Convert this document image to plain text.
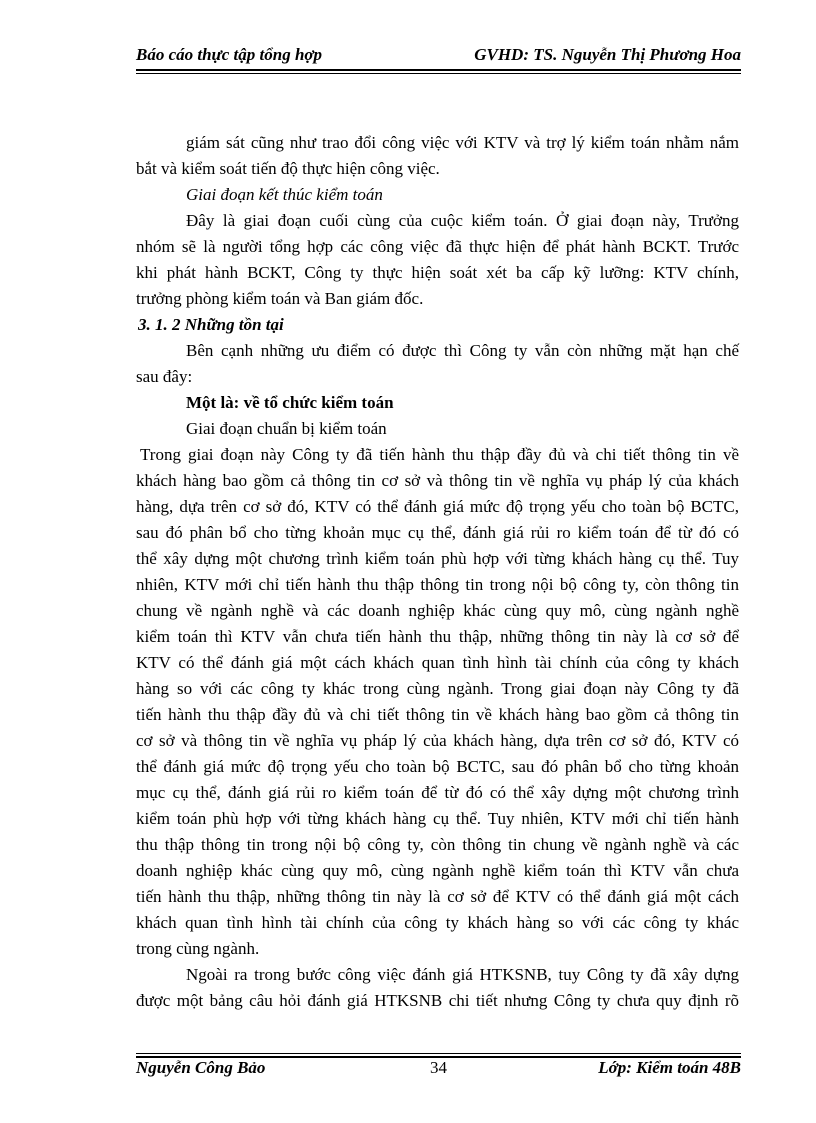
Báo cáo thực tập tổng hợp	GVHD: TS. Nguyễn Thị Phương Hoa

giám sát cũng như trao đổi công việc với KTV và trợ lý kiểm toán nhằm nắm

bắt và kiểm soát tiến độ thực hiện công việc.

Giai đoạn kết thúc kiểm toán

Đây là giai đoạn cuối cùng của cuộc kiểm toán. Ở giai đoạn này, Trưởng

nhóm sẽ là người tổng hợp các công việc đã thực hiện để phát hành BCKT. Trước

khi phát hành BCKT, Công ty thực hiện soát xét ba cấp kỹ lưỡng: KTV chính,

trưởng phòng kiểm toán và Ban giám đốc.

3. 1. 2 Những tồn tại

Bên cạnh những ưu điểm có được thì Công ty vẫn còn những mặt hạn chế

sau đây:

Một là: về tổ chức kiểm toán

Giai đoạn chuẩn bị kiểm toán

Trong giai đoạn này Công ty đã tiến hành thu thập đầy đủ và chi tiết thông tin về

khách hàng bao gồm cả thông tin cơ sở và thông tin về nghĩa vụ pháp lý của khách

hàng, dựa trên cơ sở đó, KTV có thể đánh giá mức độ trọng yếu cho toàn bộ BCTC,

sau đó phân bổ cho từng khoản mục cụ thể, đánh giá rủi ro kiểm toán để từ đó có

thể xây dựng một chương trình kiểm toán phù hợp với từng khách hàng cụ thể. Tuy

nhiên, KTV mới chỉ tiến hành thu thập thông tin trong nội bộ công ty, còn thông tin

chung về ngành nghề và các doanh nghiệp khác cùng quy mô, cùng ngành nghề

kiểm toán thì KTV vẫn chưa tiến hành thu thập, những thông tin này là cơ sở để

KTV có thể đánh giá một cách khách quan tình hình tài chính của công ty khách

hàng so với các công ty khác trong cùng ngành. Trong giai đoạn này Công ty đã

tiến hành thu thập đầy đủ và chi tiết thông tin về khách hàng bao gồm cả thông tin

cơ sở và thông tin về nghĩa vụ pháp lý của khách hàng, dựa trên cơ sở đó, KTV có

thể đánh giá mức độ trọng yếu cho toàn bộ BCTC, sau đó phân bổ cho từng khoản

mục cụ thể, đánh giá rủi ro kiểm toán để từ đó có thể xây dựng một chương trình

kiểm toán phù hợp với từng khách hàng cụ thể. Tuy nhiên, KTV mới chỉ tiến hành

thu thập thông tin trong nội bộ công ty, còn thông tin chung về ngành nghề và các

doanh nghiệp khác cùng quy mô, cùng ngành nghề kiểm toán thì KTV vẫn chưa

tiến hành thu thập, những thông tin này là cơ sở để KTV có thể đánh giá một cách

khách quan tình hình tài chính của công ty khách hàng so với các công ty khác

trong cùng ngành.

Ngoài ra trong bước công việc đánh giá HTKSNB, tuy Công ty đã xây dựng

được một bảng câu hỏi đánh giá HTKSNB chi tiết nhưng Công ty chưa quy định rõ

Nguyễn Công Bảo	34	Lớp: Kiểm toán 48B
